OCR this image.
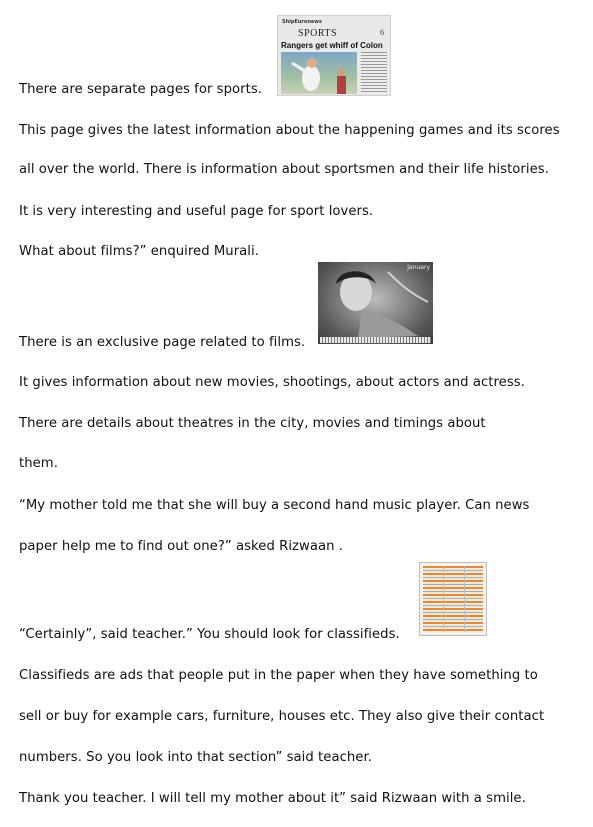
There are separate pages for sports.

This page gives the latest information about the happening games and its scores

all over the world. There is information about sportsmen and their life histories.

It is very interesting and useful page for sport lovers.

What about films?” enquired Murali.

There is an exclusive page related to films.

It gives information about new movies, shootings, about actors and actress.

There are details about theatres in the city, movies and timings about

them.

“My mother told me that she will buy a second hand music player. Can news

paper help me to find out one?” asked Rizwaan .

“Certainly”, said teacher.” You should look for classifieds.

Classifieds are ads that people put in the paper when they have something to

sell or buy for example cars, furniture, houses etc. They also give their contact

numbers. So you look into that section” said teacher.

Thank you teacher. I will tell my mother about it” said Rizwaan with a smile.

ShipEuronews
SPORTS	6
Rangers get whiff of Colon
January
